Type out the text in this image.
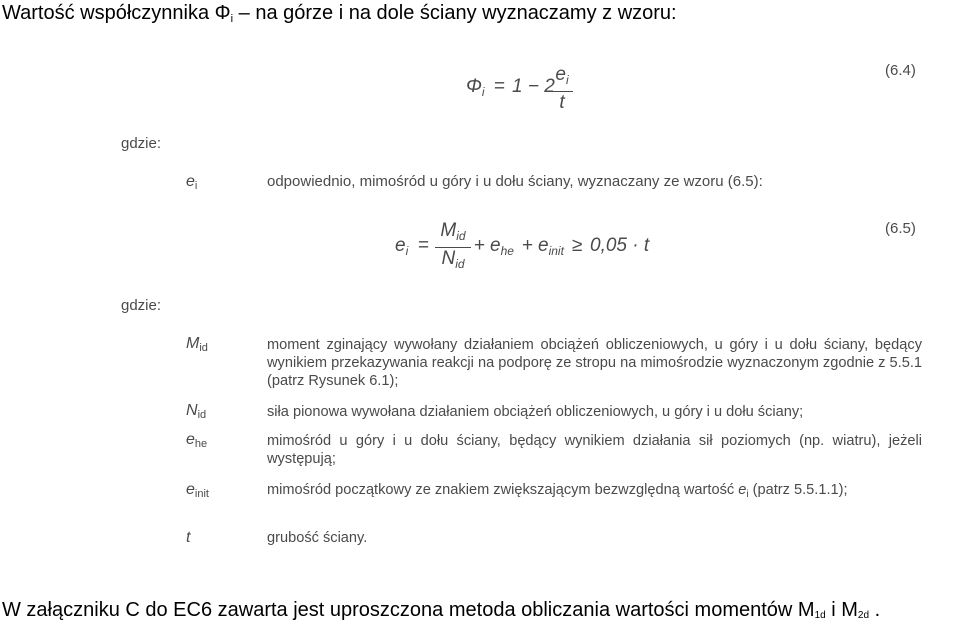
Wartość współczynnika $\Phi_i$ – na górze i na dole ściany wyznaczamy z wzoru:
$\Phi_i = 1 - 2$
$e_i$
t
(6.4)
gdzie:
ei	odpowiednio, mimośród u góry i u dołu ściany, wyznaczany ze wzoru (6.5):
$e_i$ =
$M_{id}$
$N_{id}$
+ $e_{he} + e_{init} \ge 0,05 \cdot t$
(6.5)
gdzie:
Mid	moment zginający wywołany działaniem obciążeń obliczeniowych, u góry i u dołu ściany, będący wynikiem przekazywania reakcji na podporę ze stropu na mimośrodzie wyznaczonym zgodnie z 5.5.1 (patrz Rysunek 6.1);
Nid	siła pionowa wywołana działaniem obciążeń obliczeniowych, u góry i u dołu ściany;
ehe	mimośród u góry i u dołu ściany, będący wynikiem działania sił poziomych (np. wiatru), jeżeli występują;
einit	mimośród początkowy ze znakiem zwiększającym bezwzględną wartość $e_i$ (patrz 5.5.1.1);
t	grubość ściany.
W załączniku C do EC6 zawarta jest uproszczona metoda obliczania wartości momentów M1d i M2d .
